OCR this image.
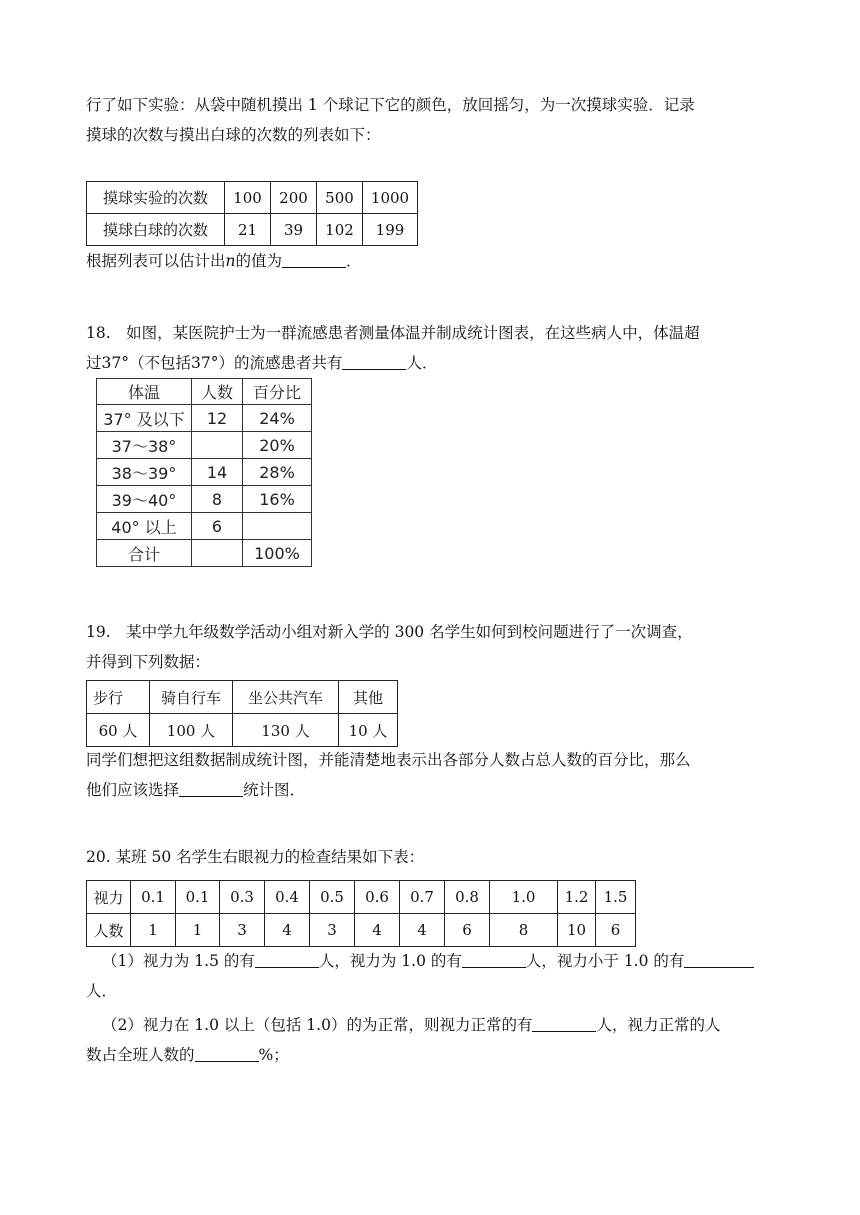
行了如下实验：从袋中随机摸出 1 个球记下它的颜色，放回摇匀，为一次摸球实验．记录
摸球的次数与摸出白球的次数的列表如下：
摸球实验的次数	100	200	500	1000
摸球白球的次数	21	39	102	199
根据列表可以估计出n的值为	．
18.　如图，某医院护士为一群流感患者测量体温并制成统计图表，在这些病人中，体温超
过37°（不包括37°）的流感患者共有	人．
体温	人数	百分比
37° 及以下	12	24%
37～38°		20%
38～39°	14	28%
39～40°	8	16%
40° 以上	6	
合计		100%
19.　某中学九年级数学活动小组对新入学的 300 名学生如何到校问题进行了一次调查，
并得到下列数据：
步行	骑自行车	坐公共汽车	其他
60 人	100 人	130 人	10 人
同学们想把这组数据制成统计图，并能清楚地表示出各部分人数占总人数的百分比，那么
他们应该选择	统计图．
20. 某班 50 名学生右眼视力的检查结果如下表：
视力	0.1	0.1	0.3	0.4	0.5	0.6	0.7	0.8	1.0	1.2	1.5
人数	1	1	3	4	3	4	4	6	8	10	6
（1）视力为 1.5 的有	人，视力为 1.0 的有	人，视力小于 1.0 的有
人．
（2）视力在 1.0 以上（包括 1.0）的为正常，则视力正常的有	人，视力正常的人
数占全班人数的	%；
